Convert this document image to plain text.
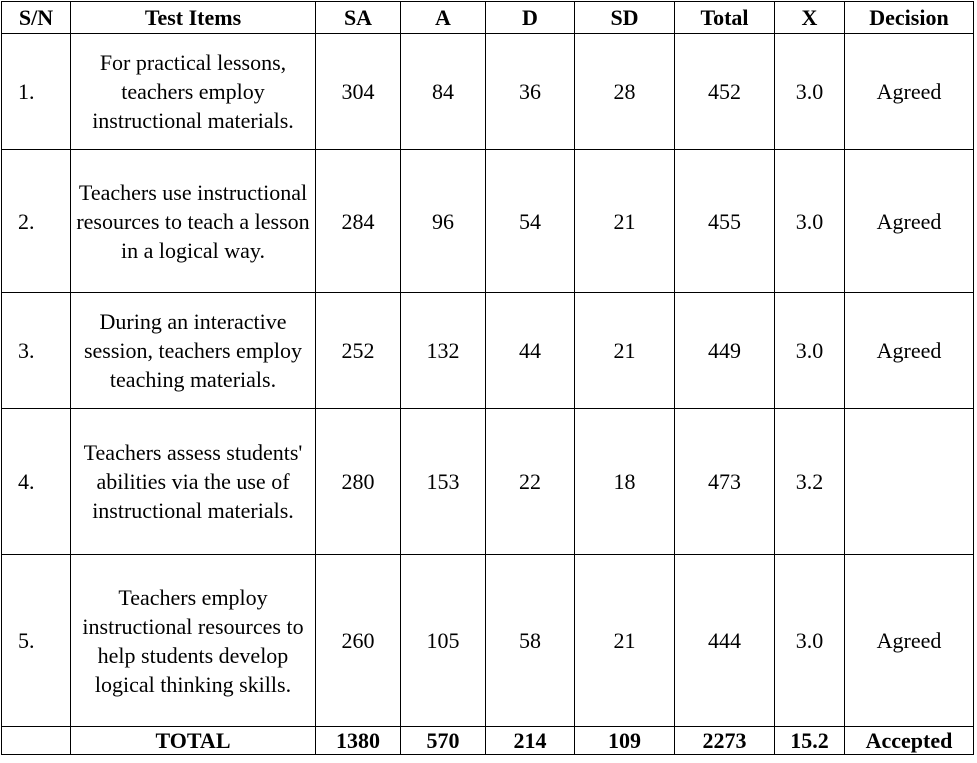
S/N	Test Items	SA	A	D	SD	Total	X	Decision
1.	For practical lessons, teachers employ instructional materials.	304	84	36	28	452	3.0	Agreed
2.	Teachers use instructional resources to teach a lesson in a logical way.	284	96	54	21	455	3.0	Agreed
3.	During an interactive session, teachers employ teaching materials.	252	132	44	21	449	3.0	Agreed
4.	Teachers assess students' abilities via the use of instructional materials.	280	153	22	18	473	3.2	
5.	Teachers employ instructional resources to help students develop logical thinking skills.	260	105	58	21	444	3.0	Agreed
	TOTAL	1380	570	214	109	2273	15.2	Accepted
